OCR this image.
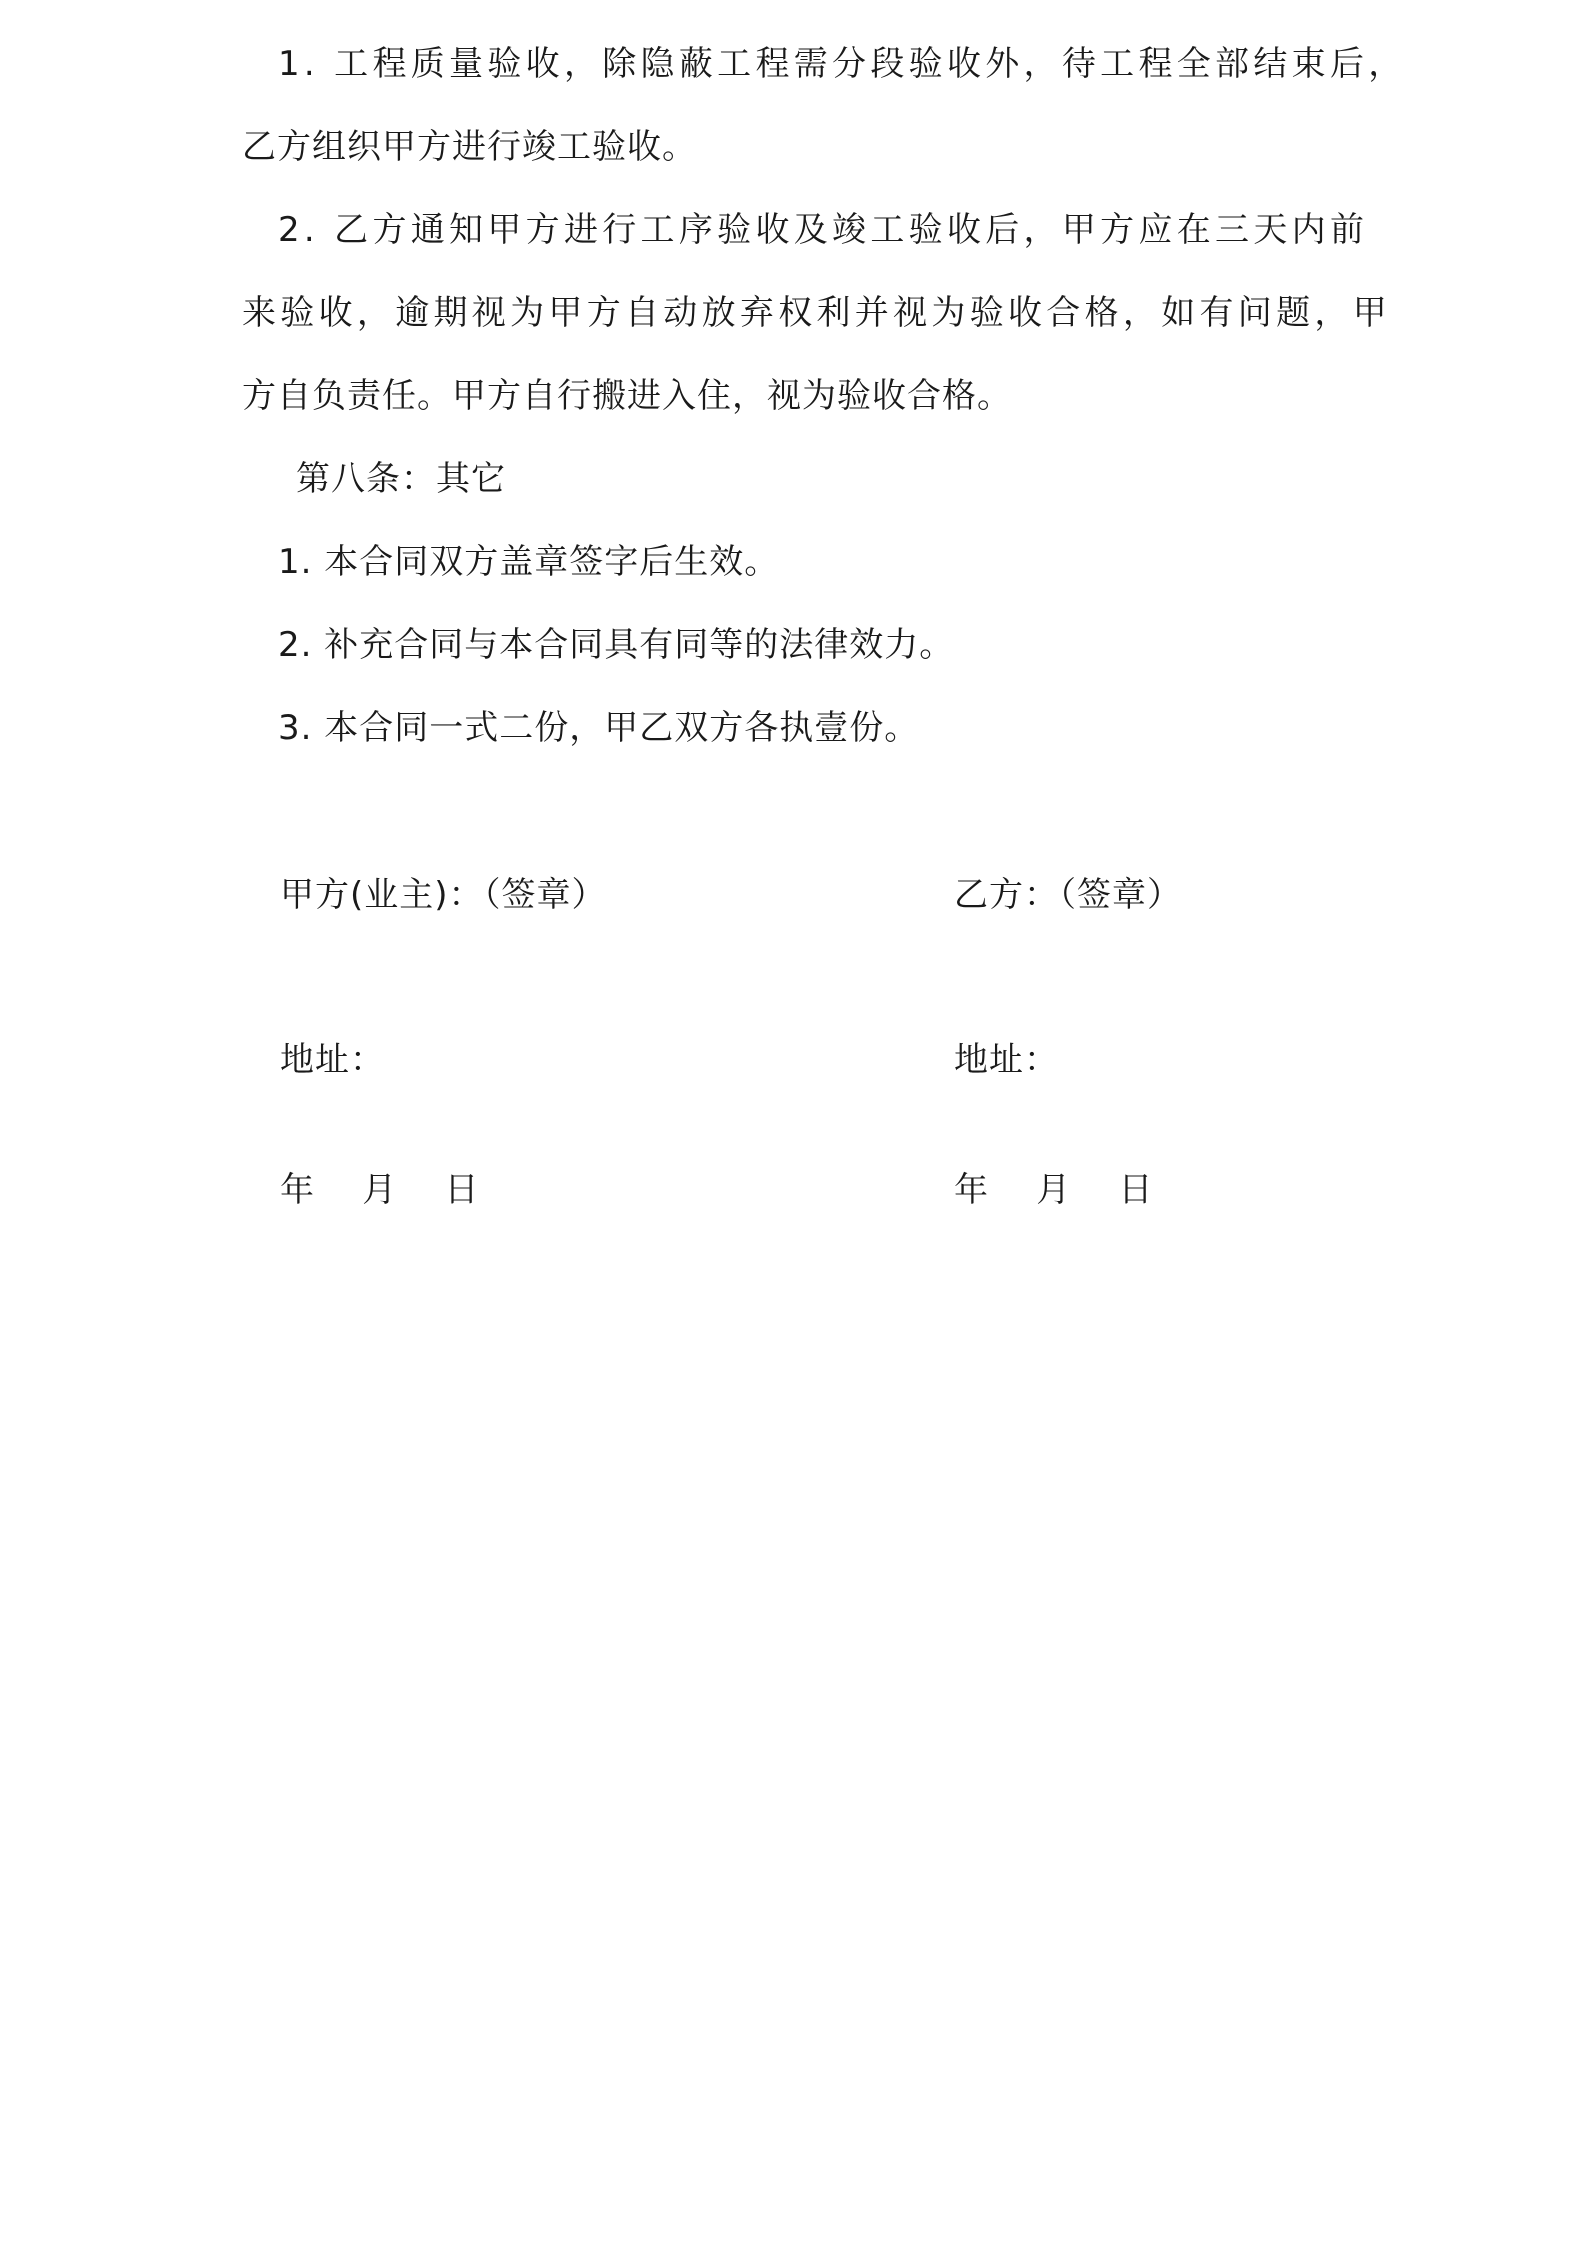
1. 工程质量验收，除隐蔽工程需分段验收外，待工程全部结束后，
乙方组织甲方进行竣工验收。
2. 乙方通知甲方进行工序验收及竣工验收后，甲方应在三天内前
来验收，逾期视为甲方自动放弃权利并视为验收合格，如有问题，甲
方自负责任。甲方自行搬进入住，视为验收合格。
第八条：其它
1. 本合同双方盖章签字后生效。
2. 补充合同与本合同具有同等的法律效力。
3. 本合同一式二份，甲乙双方各执壹份。
甲方(业主)：（签章）
地址：
年    月    日
乙方：（签章）
地址：
年    月    日
